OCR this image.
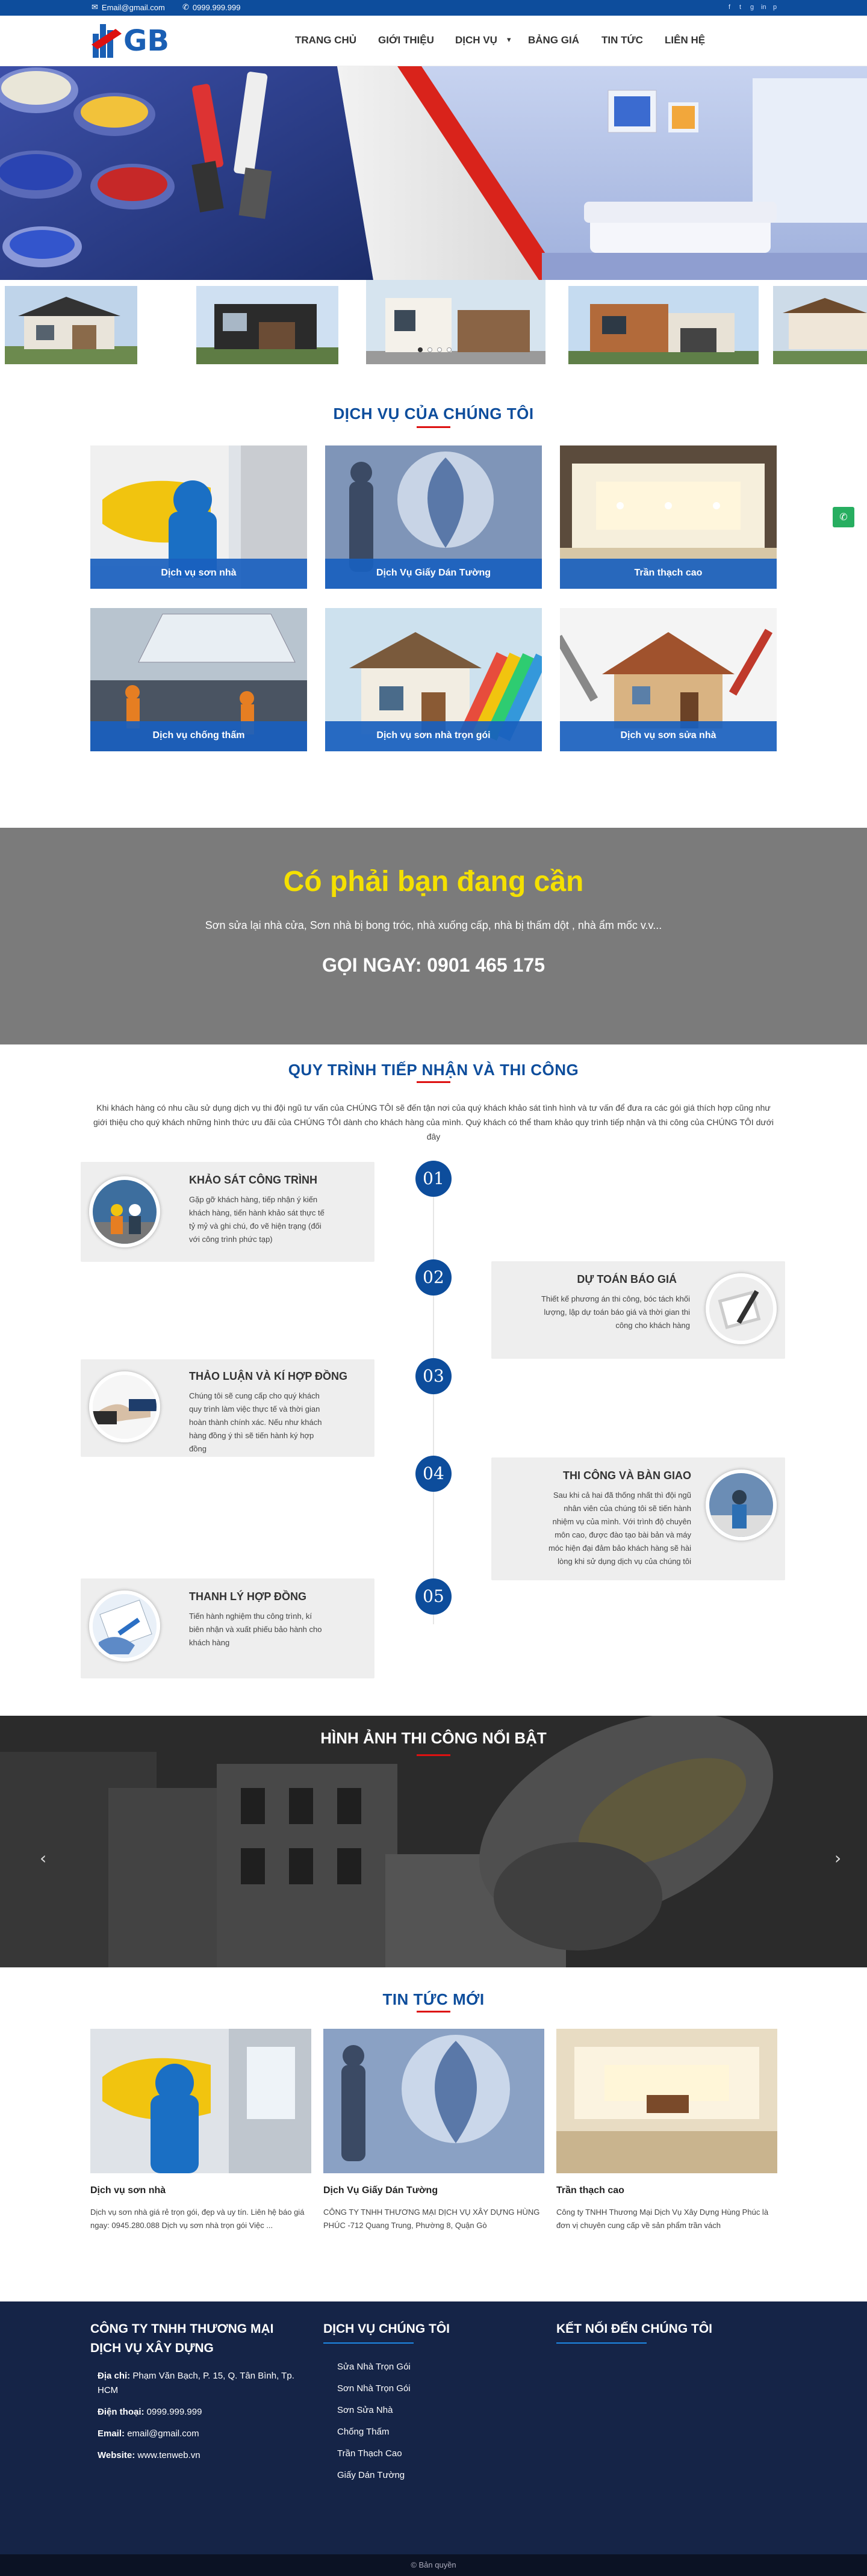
✉ Email@gmail.com ✆ 0999.999.999	f t g in p
GB	TRANG CHỦ GIỚI THIỆU DỊCH VỤ ▾ BẢNG GIÁ TIN TỨC LIÊN HỆ
DỊCH VỤ CỦA CHÚNG TÔI
Dịch vụ sơn nhà	Dịch Vụ Giấy Dán Tường	Trần thạch cao
Dịch vụ chống thấm	Dịch vụ sơn nhà trọn gói	Dịch vụ sơn sửa nhà
✆
Có phải bạn đang cần

Sơn sửa lại nhà cửa, Sơn nhà bị bong tróc, nhà xuống cấp, nhà bị thấm dột , nhà ẩm mốc v.v...

GỌI NGAY: 0901 465 175
QUY TRÌNH TIẾP NHẬN VÀ THI CÔNG

Khi khách hàng có nhu cầu sử dụng dịch vụ thi đội ngũ tư vấn của CHÚNG TÔI sẽ đến tận nơi của quý khách khảo sát tình hình và tư vấn để đưa ra các gói giá thích hợp cũng như giới thiệu cho quý khách những hình thức ưu đãi của CHÚNG TÔI dành cho khách hàng của mình. Quý khách có thể tham khảo quy trình tiếp nhận và thi công của CHÚNG TÔI dưới đây

KHẢO SÁT CÔNG TRÌNH

Gặp gỡ khách hàng, tiếp nhận ý kiến khách hàng, tiến hành khảo sát thực tế tỷ mỷ và ghi chú, đo vẽ hiện trạng (đối với công trình phức tạp)

01
02	DỰ TOÁN BÁO GIÁ

Thiết kế phương án thi công, bóc tách khối lượng, lập dự toán báo giá và thời gian thi công cho khách hàng

THẢO LUẬN VÀ KÍ HỢP ĐỒNG

Chúng tôi sẽ cung cấp cho quý khách quy trình làm việc thực tế và thời gian hoàn thành chính xác. Nếu như khách hàng đồng ý thì sẽ tiến hành ký hợp đồng

03
04	THI CÔNG VÀ BÀN GIAO

Sau khi cả hai đã thống nhất thì đội ngũ nhân viên của chúng tôi sẽ tiến hành nhiệm vụ của mình. Với trình độ chuyên môn cao, được đào tạo bài bản và máy móc hiện đại đảm bảo khách hàng sẽ hài lòng khi sử dụng dịch vụ của chúng tôi

THANH LÝ HỢP ĐỒNG

Tiến hành nghiệm thu công trình, kí biên nhận và xuất phiếu bảo hành cho khách hàng

05
HÌNH ẢNH THI CÔNG NỔI BẬT
‹	›
TIN TỨC MỚI
Dịch vụ sơn nhà
Dịch vụ sơn nhà giá rẻ trọn gói, đẹp và uy tín. Liên hệ báo giá ngay: 0945.280.088 Dịch vụ sơn nhà trọn gói Việc ...
Dịch Vụ Giấy Dán Tường
CÔNG TY TNHH THƯƠNG MẠI DỊCH VỤ XÂY DỰNG HÙNG PHÚC -712 Quang Trung, Phường 8, Quận Gò
Trần thạch cao
Công ty TNHH Thương Mại Dịch Vụ Xây Dựng Hùng Phúc là đơn vị chuyên cung cấp về sản phẩm trần vách
CÔNG TY TNHH THƯƠNG MẠI DỊCH VỤ XÂY DỰNG
Địa chỉ: Phạm Văn Bạch, P. 15, Q. Tân Bình, Tp. HCM
Điện thoại: 0999.999.999
Email: email@gmail.com
Website: www.tenweb.vn
DỊCH VỤ CHÚNG TÔI
Sửa Nhà Trọn Gói
Sơn Nhà Trọn Gói
Sơn Sửa Nhà
Chống Thấm
Trần Thạch Cao
Giấy Dán Tường
KẾT NỐI ĐẾN CHÚNG TÔI
© Bản quyền
